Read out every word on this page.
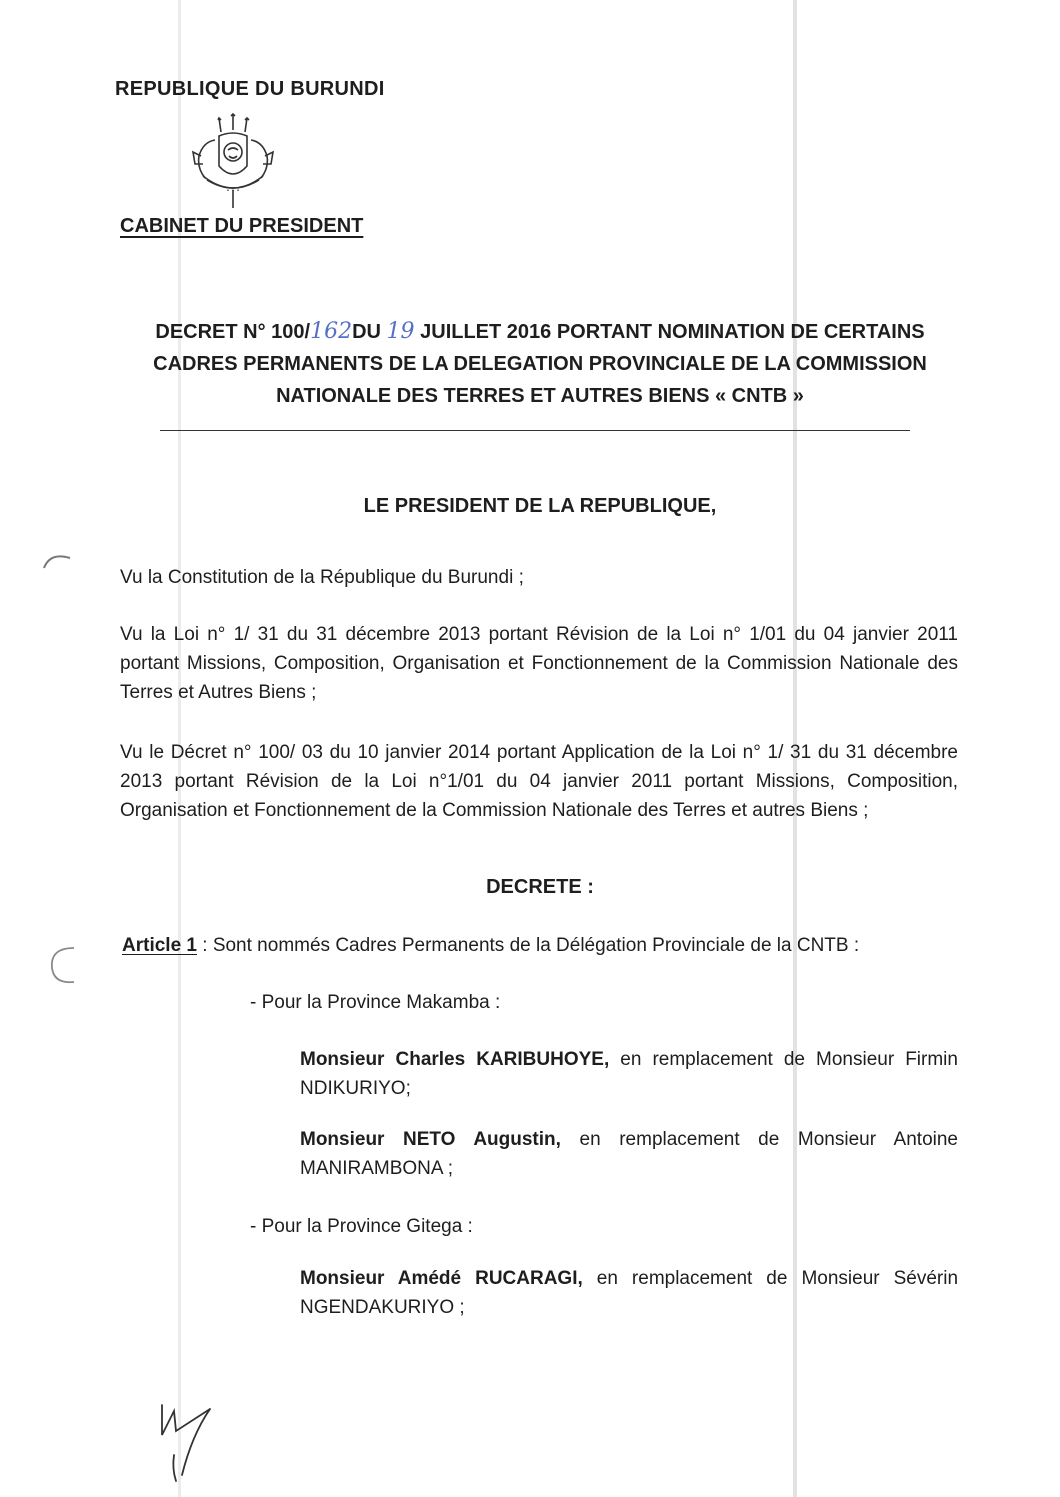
REPUBLIQUE DU BURUNDI
• • •
CABINET DU PRESIDENT
DECRET N° 100/162DU 19 JUILLET 2016 PORTANT NOMINATION DE CERTAINS
CADRES PERMANENTS DE LA DELEGATION PROVINCIALE DE LA COMMISSION
NATIONALE DES TERRES ET AUTRES BIENS « CNTB »
LE PRESIDENT DE LA REPUBLIQUE,
Vu la Constitution de la République du Burundi ;
Vu la Loi n° 1/ 31 du 31 décembre 2013 portant Révision de la Loi n° 1/01 du 04 janvier 2011 portant Missions, Composition, Organisation et Fonctionnement de la Commission Nationale des Terres et Autres Biens ;
Vu le Décret n° 100/ 03 du 10 janvier 2014 portant Application de la Loi n° 1/ 31 du 31 décembre 2013 portant Révision de la Loi n°1/01 du 04 janvier 2011 portant Missions, Composition, Organisation et Fonctionnement de la Commission Nationale des Terres et autres Biens ;
DECRETE :
Article 1 : Sont nommés Cadres Permanents de la Délégation Provinciale de la CNTB :
- Pour la Province Makamba :
Monsieur Charles KARIBUHOYE, en remplacement de Monsieur Firmin NDIKURIYO;
Monsieur NETO Augustin, en remplacement de Monsieur Antoine MANIRAMBONA ;
- Pour la Province Gitega :
Monsieur Amédé RUCARAGI, en remplacement de Monsieur Sévérin NGENDAKURIYO ;
